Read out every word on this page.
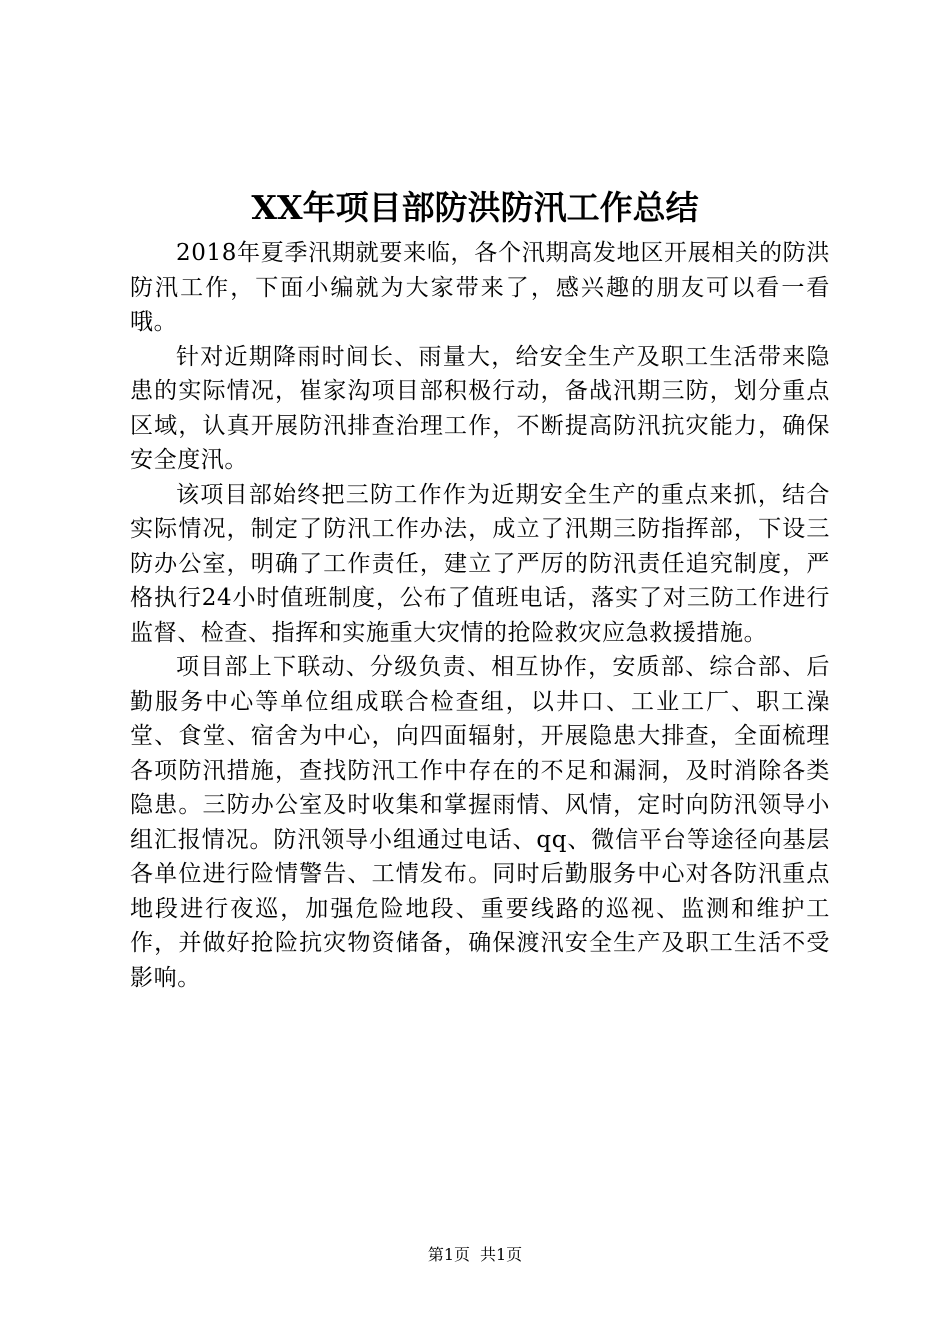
XX年项目部防洪防汛工作总结

2018年夏季汛期就要来临，各个汛期高发地区开展相关的防洪防汛工作，下面小编就为大家带来了，感兴趣的朋友可以看一看哦。

针对近期降雨时间长、雨量大，给安全生产及职工生活带来隐患的实际情况，崔家沟项目部积极行动，备战汛期三防，划分重点区域，认真开展防汛排查治理工作，不断提高防汛抗灾能力，确保安全度汛。

该项目部始终把三防工作作为近期安全生产的重点来抓，结合实际情况，制定了防汛工作办法，成立了汛期三防指挥部，下设三防办公室，明确了工作责任，建立了严厉的防汛责任追究制度，严格执行24小时值班制度，公布了值班电话，落实了对三防工作进行监督、检查、指挥和实施重大灾情的抢险救灾应急救援措施。

项目部上下联动、分级负责、相互协作，安质部、综合部、后勤服务中心等单位组成联合检查组，以井口、工业工厂、职工澡堂、食堂、宿舍为中心，向四面辐射，开展隐患大排查，全面梳理各项防汛措施，查找防汛工作中存在的不足和漏洞，及时消除各类隐患。三防办公室及时收集和掌握雨情、风情，定时向防汛领导小组汇报情况。防汛领导小组通过电话、qq、微信平台等途径向基层各单位进行险情警告、工情发布。同时后勤服务中心对各防汛重点地段进行夜巡，加强危险地段、重要线路的巡视、监测和维护工作，并做好抢险抗灾物资储备，确保渡汛安全生产及职工生活不受影响。

第1页 共1页
